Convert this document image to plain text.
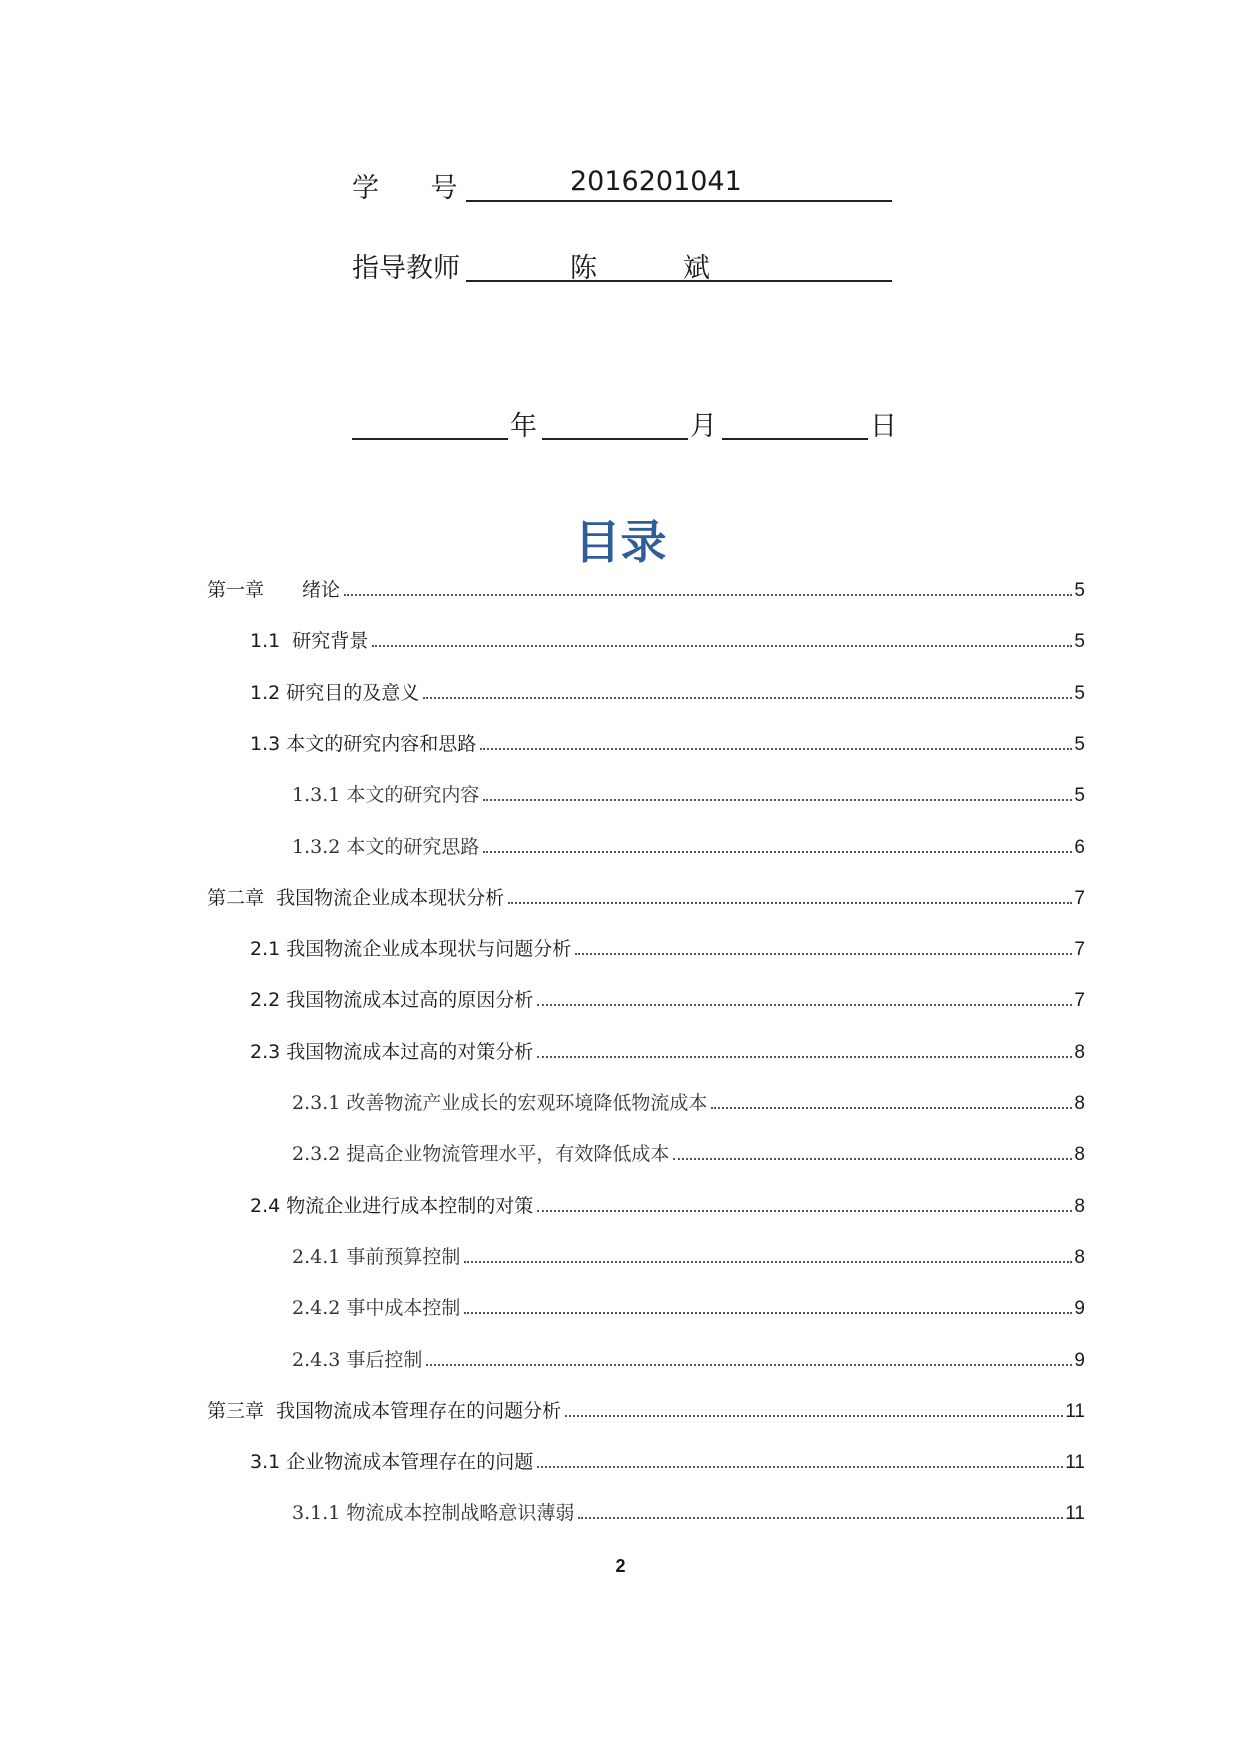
学      号	2016201041
指导教师	陈          斌
年	月	日
目录
第一章　　绪论	5
1.1  研究背景	5
1.2 研究目的及意义	5
1.3 本文的研究内容和思路	5
1.3.1 本文的研究内容	5
1.3.2 本文的研究思路	6
第二章  我国物流企业成本现状分析	7
2.1 我国物流企业成本现状与问题分析	7
2.2 我国物流成本过高的原因分析	7
2.3 我国物流成本过高的对策分析	8
2.3.1 改善物流产业成长的宏观环境降低物流成本	8
2.3.2 提高企业物流管理水平，有效降低成本	8
2.4 物流企业进行成本控制的对策	8
2.4.1 事前预算控制	8
2.4.2 事中成本控制	9
2.4.3 事后控制	9
第三章  我国物流成本管理存在的问题分析	11
3.1 企业物流成本管理存在的问题	11
3.1.1 物流成本控制战略意识薄弱	11
2
